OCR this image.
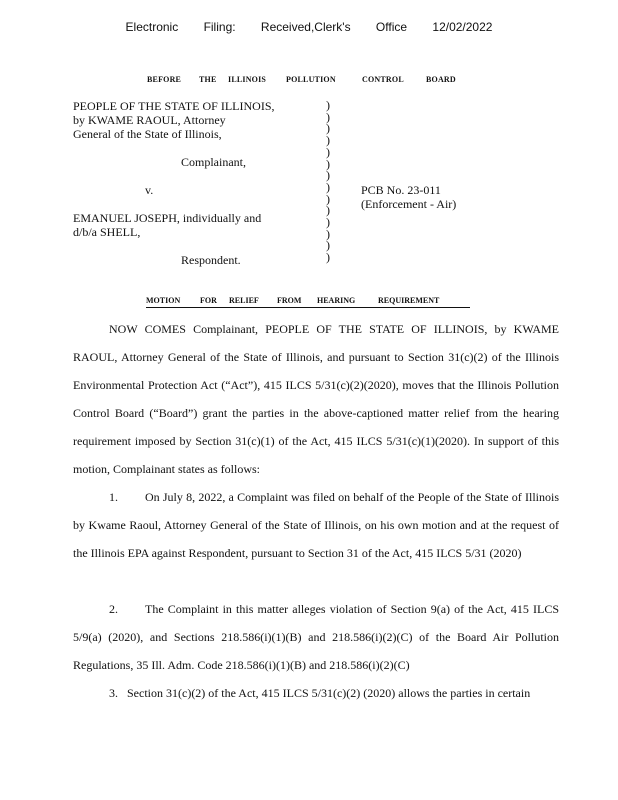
Electronic Filing: Received,Clerk's Office 12/02/2022
BEFORE THE ILLINOIS POLLUTION	CONTROL	BOARD
PEOPLE OF THE STATE OF ILLINOIS,
by KWAME RAOUL, Attorney
General of the State of Illinois,
Complainant,
v.
EMANUEL JOSEPH, individually and
d/b/a SHELL,
Respondent.
PCB No. 23-011
(Enforcement - Air)
)
)
)
)
)
)
)
)
)
)
)
)
)
)
MOTION FOR RELIEF FROM HEARING	REQUIREMENT
NOW COMES Complainant, PEOPLE OF THE STATE OF ILLINOIS, by KWAME RAOUL, Attorney General of the State of Illinois, and pursuant to Section 31(c)(2) of the Illinois Environmental Protection Act (“Act”), 415 ILCS 5/31(c)(2)(2020), moves that the Illinois Pollution Control Board (“Board”) grant the parties in the above-captioned matter relief from the hearing requirement imposed by Section 31(c)(1) of the Act, 415 ILCS 5/31(c)(1)(2020). In support of this motion, Complainant states as follows:
1. On July 8, 2022, a Complaint was filed on behalf of the People of the State of Illinois by Kwame Raoul, Attorney General of the State of Illinois, on his own motion and at the request of the Illinois EPA against Respondent, pursuant to Section 31 of the Act, 415 ILCS 5/31 (2020)
2. The Complaint in this matter alleges violation of Section 9(a) of the Act, 415 ILCS 5/9(a) (2020), and Sections 218.586(i)(1)(B) and 218.586(i)(2)(C) of the Board Air Pollution Regulations, 35 Ill. Adm. Code 218.586(i)(1)(B) and 218.586(i)(2)(C)
3. Section 31(c)(2) of the Act, 415 ILCS 5/31(c)(2) (2020) allows the parties in certain
